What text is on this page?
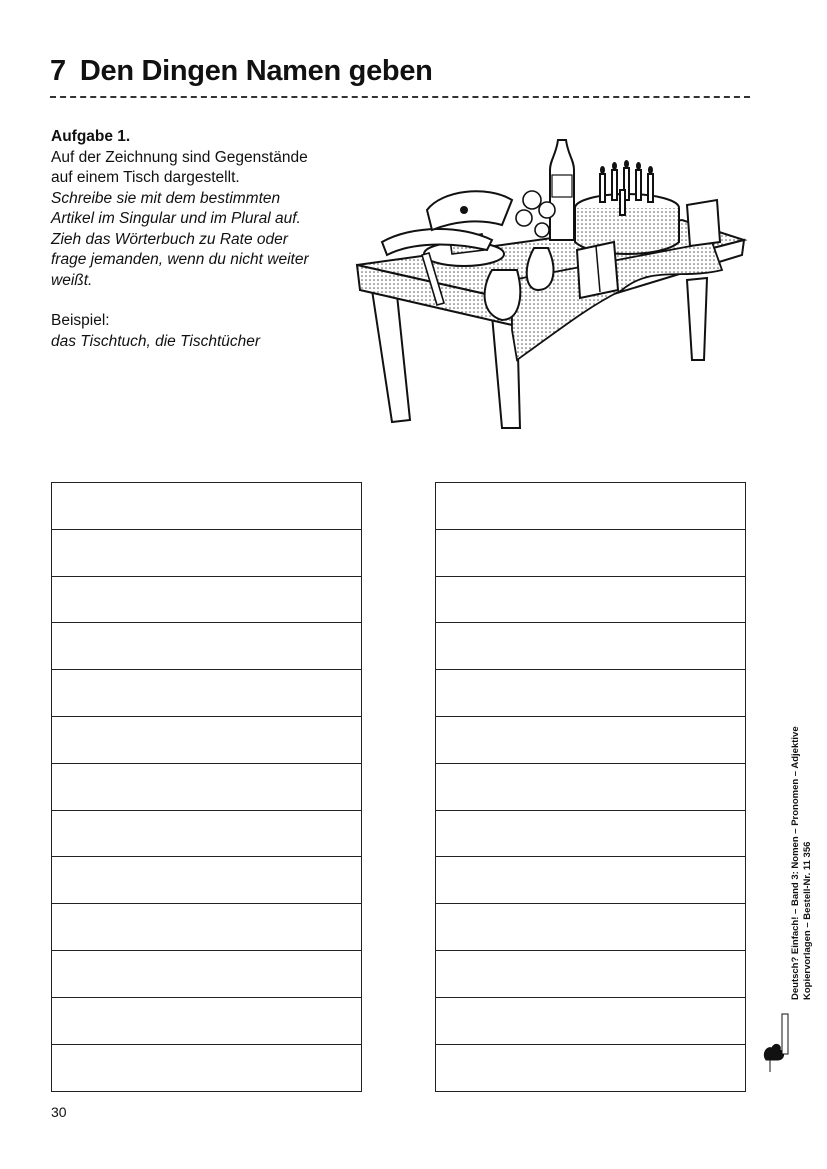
7 Den Dingen Namen geben

Aufgabe 1.

Auf der Zeichnung sind Gegenstände

auf einem Tisch dargestellt.

Schreibe sie mit dem bestimmten

Artikel im Singular und im Plural auf.

Zieh das Wörterbuch zu Rate oder

frage jemanden, wenn du nicht weiter

weißt.

Beispiel:

das Tischtuch, die Tischtücher

30
Deutsch? Einfach! – Band 3: Nomen – Pronomen – Adjektive Kopiervorlagen – Bestell-Nr. 11 356
